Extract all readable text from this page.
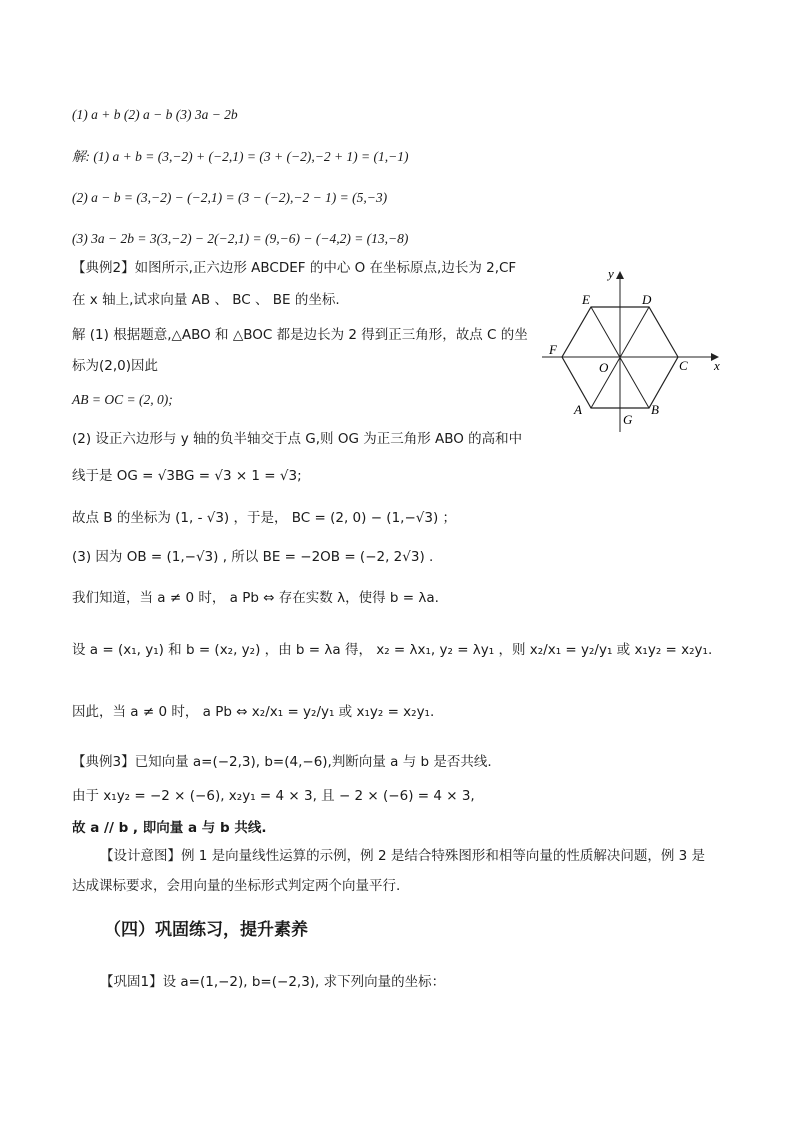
(1) a + b (2) a − b (3) 3a − 2b
解: (1) a + b = (3,−2) + (−2,1) = (3 + (−2),−2 + 1) = (1,−1)
(2) a − b = (3,−2) − (−2,1) = (3 − (−2),−2 − 1) = (5,−3)
(3) 3a − 2b = 3(3,−2) − 2(−2,1) = (9,−6) − (−4,2) = (13,−8)
【典例2】如图所示,正六边形 ABCDEF 的中心 O 在坐标原点,边长为 2,CF
在 x 轴上,试求向量 AB 、 BC 、 BE 的坐标.
解 (1) 根据题意,△ABO 和 △BOC 都是边长为 2 得到正三角形，故点 C 的坐
标为(2,0)因此
AB = OC = (2, 0);
(2) 设正六边形与 y 轴的负半轴交于点 G,则 OG 为正三角形 ABO 的高和中
线于是 OG = √3BG = √3 × 1 = √3;
故点 B 的坐标为 (1, - √3) ，于是， BC = (2, 0) − (1,−√3) ；
(3) 因为 OB = (1,−√3) , 所以 BE = −2OB = (−2, 2√3) .
我们知道，当 a ≠ 0 时， a Pb ⇔ 存在实数 λ，使得 b = λa.
设 a = (x₁, y₁) 和 b = (x₂, y₂) ，由 b = λa 得， x₂ = λx₁, y₂ = λy₁ ，则 x₂/x₁ = y₂/y₁ 或 x₁y₂ = x₂y₁.
因此，当 a ≠ 0 时， a Pb ⇔ x₂/x₁ = y₂/y₁ 或 x₁y₂ = x₂y₁.
【典例3】已知向量 a=(−2,3), b=(4,−6),判断向量 a 与 b 是否共线.
由于 x₁y₂ = −2 × (−6), x₂y₁ = 4 × 3, 且 − 2 × (−6) = 4 × 3,
故 a // b , 即向量 a 与 b 共线.
【设计意图】例 1 是向量线性运算的示例，例 2 是结合特殊图形和相等向量的性质解决问题，例 3 是
达成课标要求，会用向量的坐标形式判定两个向量平行.
（四）巩固练习，提升素养
【巩固1】设 a=(1,−2), b=(−2,3), 求下列向量的坐标：
y
x
E	D
F
O	C
A	B
G
